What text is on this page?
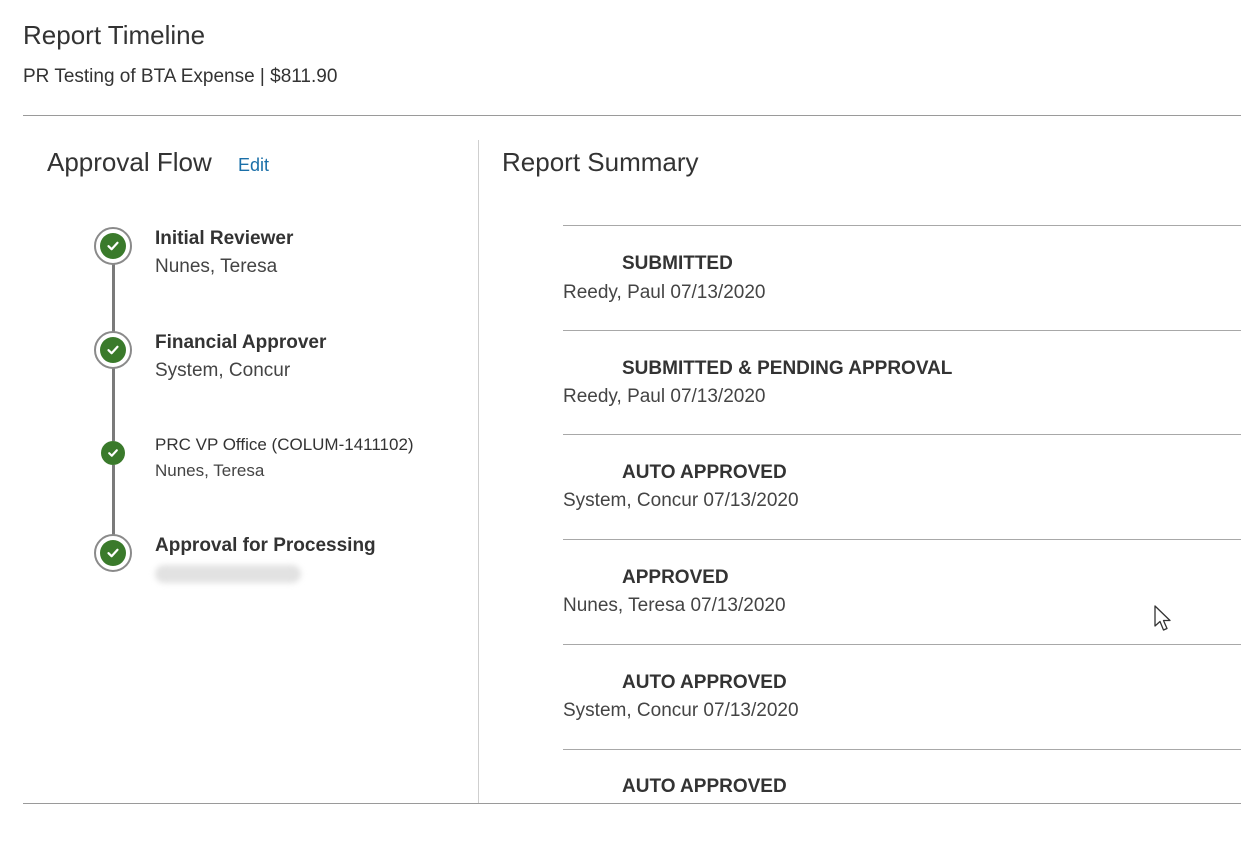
Report Timeline
PR Testing of BTA Expense | $811.90
Approval Flow Edit
Initial Reviewer
Nunes, Teresa
Financial Approver
System, Concur
PRC VP Office (COLUM-1411102)
Nunes, Teresa
Approval for Processing
Report Summary
SUBMITTED
Reedy, Paul 07/13/2020
SUBMITTED & PENDING APPROVAL
Reedy, Paul 07/13/2020
AUTO APPROVED
System, Concur 07/13/2020
APPROVED
Nunes, Teresa 07/13/2020
AUTO APPROVED
System, Concur 07/13/2020
AUTO APPROVED
